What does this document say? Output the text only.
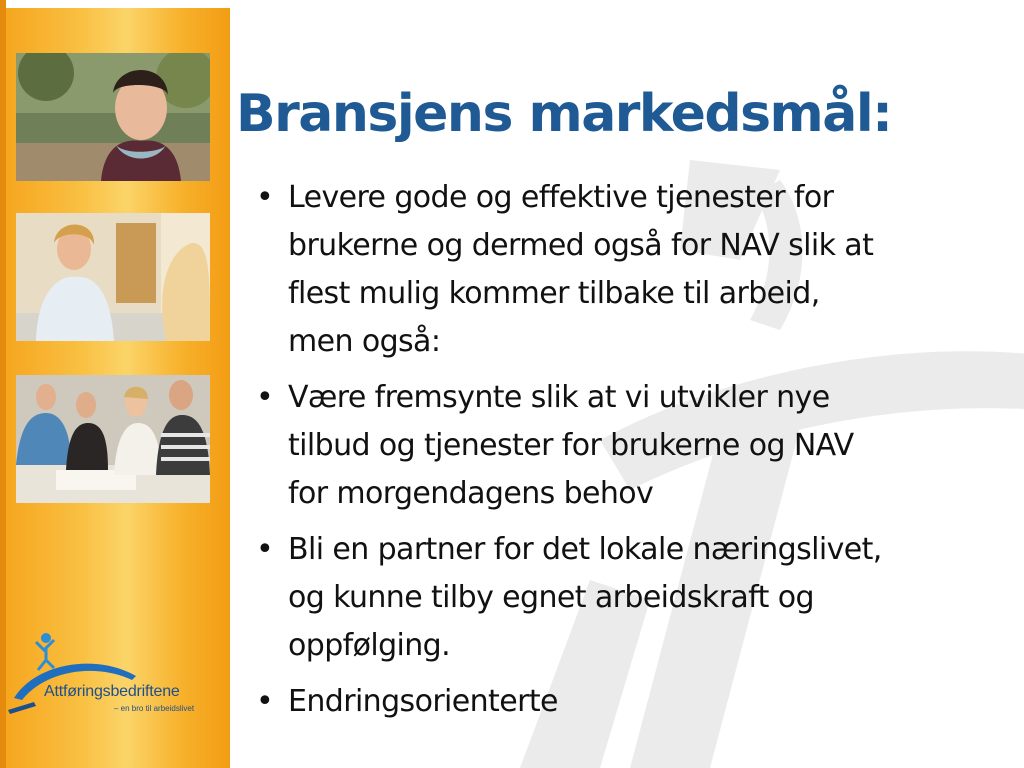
Attføringsbedriftene
– en bro til arbeidslivet
Bransjens markedsmål:
• Levere gode og effektive tjenester for
brukerne og dermed også for NAV slik at
flest mulig kommer tilbake til arbeid,
men også:
• Være fremsynte slik at vi utvikler nye
tilbud og tjenester for brukerne og NAV
for morgendagens behov
• Bli en partner for det lokale næringslivet,
og kunne tilby egnet arbeidskraft og
oppfølging.
• Endringsorienterte
